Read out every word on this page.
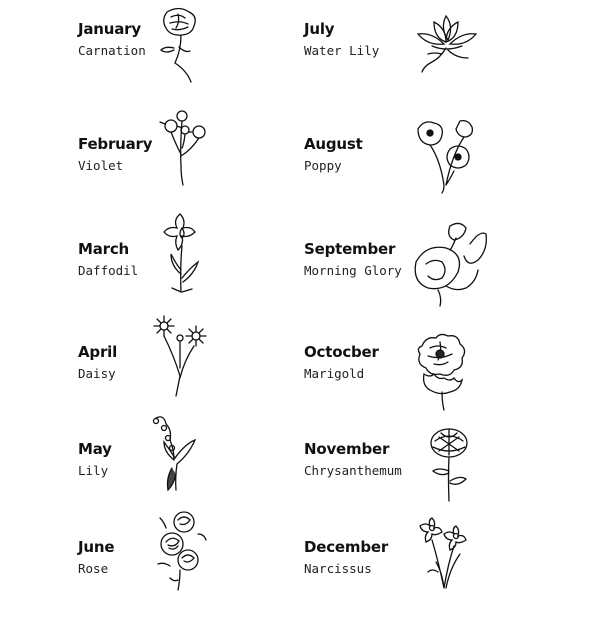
January
Carnation
February
Violet
March
Daffodil
April
Daisy
May
Lily
June
Rose
July
Water Lily
August
Poppy
September
Morning Glory
Octocber
Marigold
November
Chrysanthemum
December
Narcissus
